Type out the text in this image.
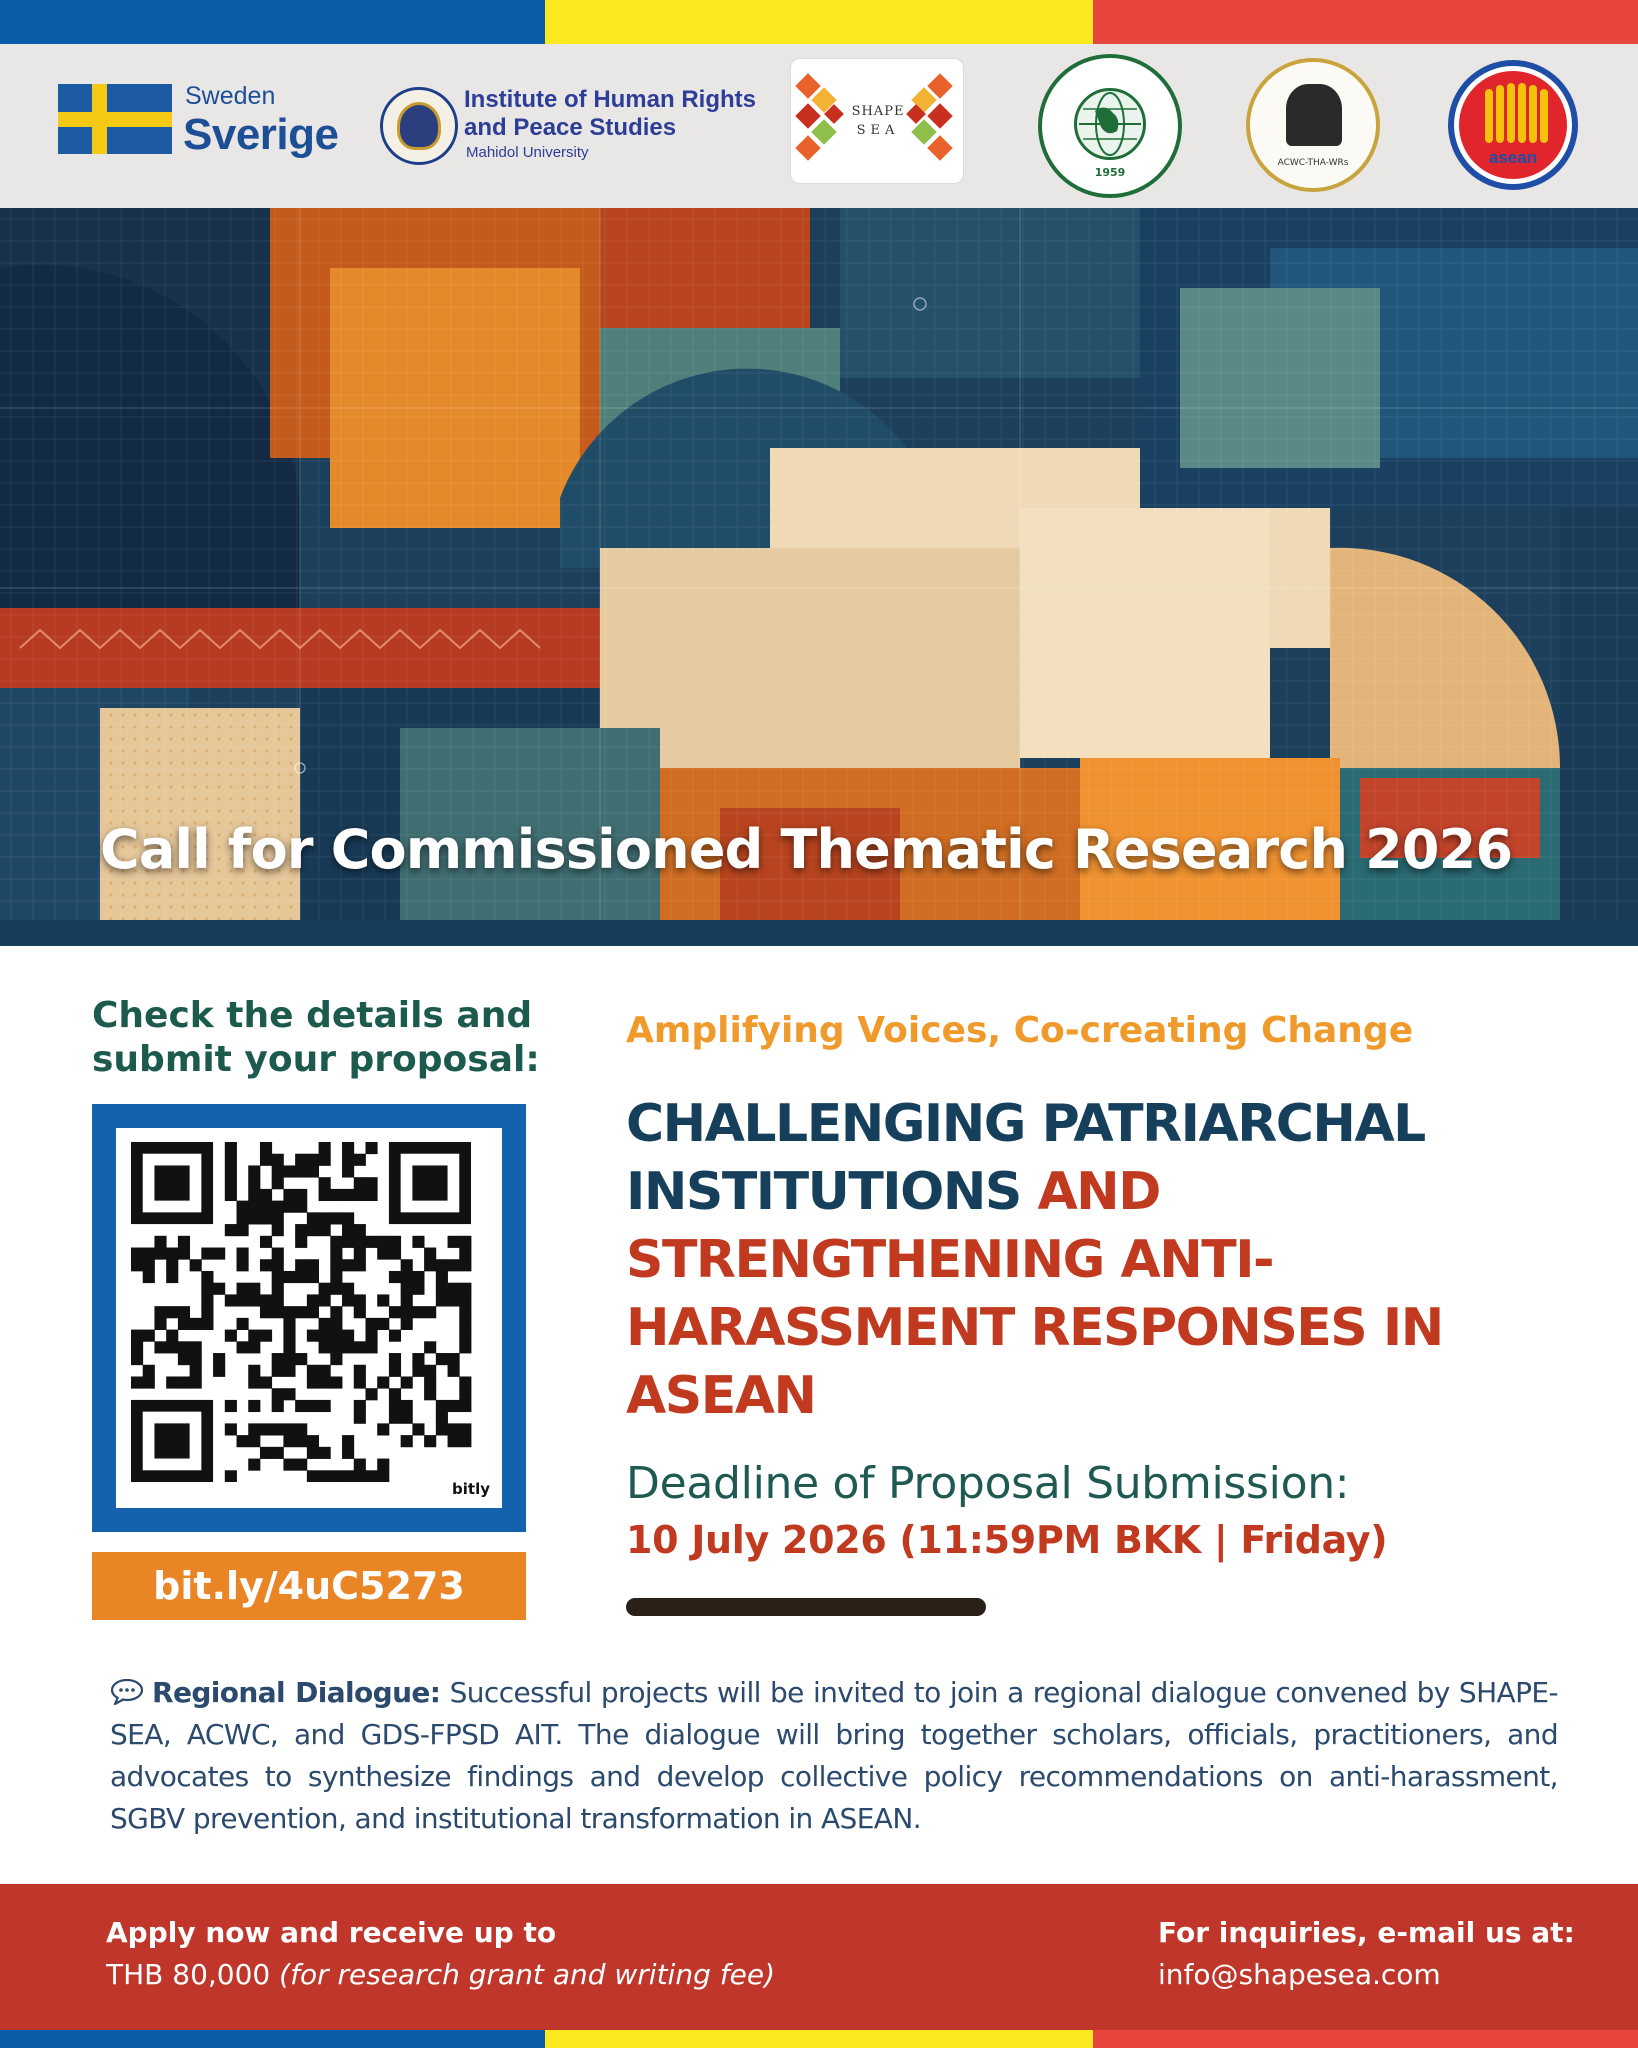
Sweden
Sverige
Institute of Human Rights
and Peace Studies
Mahidol University
SHAPE
SEA
1959
ACWC-THA-WRs	asean
Call for Commissioned Thematic Research 2026
Check the details and submit your proposal:
bitly
bit.ly/4uC5273
Amplifying Voices, Co-creating Change
CHALLENGING PATRIARCHAL INSTITUTIONS AND STRENGTHENING ANTI-HARASSMENT RESPONSES IN ASEAN
Deadline of Proposal Submission:
10 July 2026 (11:59PM BKK | Friday)
Regional Dialogue: Successful projects will be invited to join a regional dialogue convened by SHAPE-SEA, ACWC, and GDS-FPSD AIT. The dialogue will bring together scholars, officials, practitioners, and advocates to synthesize findings and develop collective policy recommendations on anti-harassment, SGBV prevention, and institutional transformation in ASEAN.
Apply now and receive up to
THB 80,000 (for research grant and writing fee)
For inquiries, e-mail us at:
info@shapesea.com
